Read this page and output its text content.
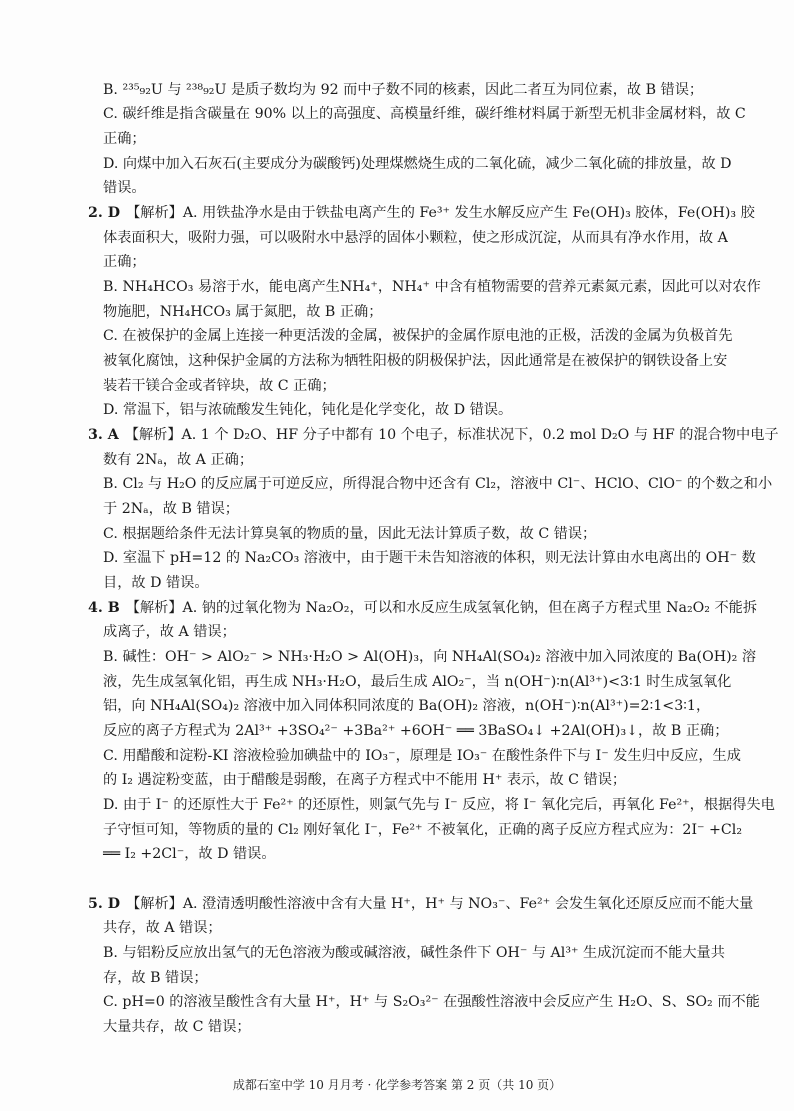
B. ²³⁵₉₂U 与 ²³⁸₉₂U 是质子数均为 92 而中子数不同的核素，因此二者互为同位素，故 B 错误；
C. 碳纤维是指含碳量在 90% 以上的高强度、高模量纤维，碳纤维材料属于新型无机非金属材料，故 C
正确；
D. 向煤中加入石灰石(主要成分为碳酸钙)处理煤燃烧生成的二氧化硫，减少二氧化硫的排放量，故 D
错误。
2. D 【解析】A. 用铁盐净水是由于铁盐电离产生的 Fe³⁺ 发生水解反应产生 Fe(OH)₃ 胶体，Fe(OH)₃ 胶
体表面积大，吸附力强，可以吸附水中悬浮的固体小颗粒，使之形成沉淀，从而具有净水作用，故 A
正确；
B. NH₄HCO₃ 易溶于水，能电离产生NH₄⁺，NH₄⁺ 中含有植物需要的营养元素氮元素，因此可以对农作
物施肥，NH₄HCO₃ 属于氮肥，故 B 正确；
C. 在被保护的金属上连接一种更活泼的金属，被保护的金属作原电池的正极，活泼的金属为负极首先
被氧化腐蚀，这种保护金属的方法称为牺牲阳极的阴极保护法，因此通常是在被保护的钢铁设备上安
装若干镁合金或者锌块，故 C 正确；
D. 常温下，铝与浓硫酸发生钝化，钝化是化学变化，故 D 错误。
3. A 【解析】A. 1 个 D₂O、HF 分子中都有 10 个电子，标准状况下，0.2 mol D₂O 与 HF 的混合物中电子
数有 2Nₐ，故 A 正确；
B. Cl₂ 与 H₂O 的反应属于可逆反应，所得混合物中还含有 Cl₂，溶液中 Cl⁻、HClO、ClO⁻ 的个数之和小
于 2Nₐ，故 B 错误；
C. 根据题给条件无法计算臭氧的物质的量，因此无法计算质子数，故 C 错误；
D. 室温下 pH=12 的 Na₂CO₃ 溶液中，由于题干未告知溶液的体积，则无法计算由水电离出的 OH⁻ 数
目，故 D 错误。
4. B 【解析】A. 钠的过氧化物为 Na₂O₂，可以和水反应生成氢氧化钠，但在离子方程式里 Na₂O₂ 不能拆
成离子，故 A 错误；
B. 碱性：OH⁻ > AlO₂⁻ > NH₃·H₂O > Al(OH)₃，向 NH₄Al(SO₄)₂ 溶液中加入同浓度的 Ba(OH)₂ 溶
液，先生成氢氧化铝，再生成 NH₃·H₂O，最后生成 AlO₂⁻，当 n(OH⁻)∶n(Al³⁺)<3∶1 时生成氢氧化
铝，向 NH₄Al(SO₄)₂ 溶液中加入同体积同浓度的 Ba(OH)₂ 溶液，n(OH⁻)∶n(Al³⁺)=2∶1<3∶1，
反应的离子方程式为 2Al³⁺ +3SO₄²⁻ +3Ba²⁺ +6OH⁻ ══ 3BaSO₄↓ +2Al(OH)₃↓，故 B 正确；
C. 用醋酸和淀粉-KI 溶液检验加碘盐中的 IO₃⁻，原理是 IO₃⁻ 在酸性条件下与 I⁻ 发生归中反应，生成
的 I₂ 遇淀粉变蓝，由于醋酸是弱酸，在离子方程式中不能用 H⁺ 表示，故 C 错误；
D. 由于 I⁻ 的还原性大于 Fe²⁺ 的还原性，则氯气先与 I⁻ 反应，将 I⁻ 氧化完后，再氧化 Fe²⁺，根据得失电
子守恒可知，等物质的量的 Cl₂ 刚好氧化 I⁻，Fe²⁺ 不被氧化，正确的离子反应方程式应为：2I⁻ +Cl₂
══ I₂ +2Cl⁻，故 D 错误。
5. D 【解析】A. 澄清透明酸性溶液中含有大量 H⁺，H⁺ 与 NO₃⁻、Fe²⁺ 会发生氧化还原反应而不能大量
共存，故 A 错误；
B. 与铝粉反应放出氢气的无色溶液为酸或碱溶液，碱性条件下 OH⁻ 与 Al³⁺ 生成沉淀而不能大量共
存，故 B 错误；
C. pH=0 的溶液呈酸性含有大量 H⁺，H⁺ 与 S₂O₃²⁻ 在强酸性溶液中会反应产生 H₂O、S、SO₂ 而不能
大量共存，故 C 错误；
成都石室中学 10 月月考 · 化学参考答案 第 2 页（共 10 页）
